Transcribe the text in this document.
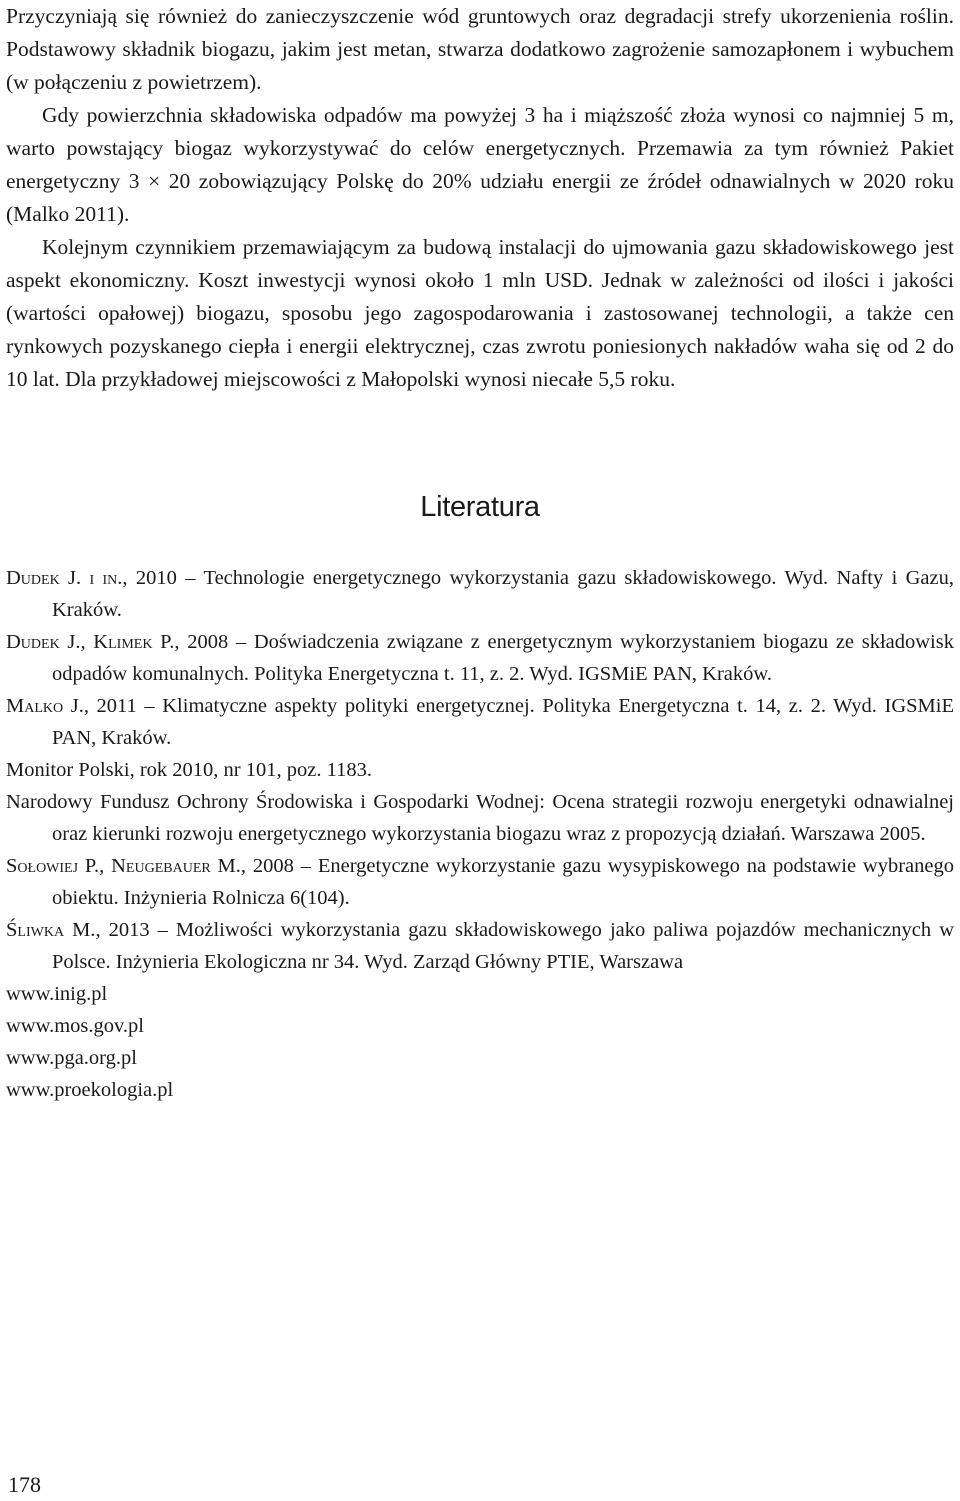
Przyczyniają się również do zanieczyszczenie wód gruntowych oraz degradacji strefy ukorzenienia roślin. Podstawowy składnik biogazu, jakim jest metan, stwarza dodatkowo zagrożenie samozapłonem i wybuchem (w połączeniu z powietrzem).

Gdy powierzchnia składowiska odpadów ma powyżej 3 ha i miąższość złoża wynosi co najmniej 5 m, warto powstający biogaz wykorzystywać do celów energetycznych. Przemawia za tym również Pakiet energetyczny 3 × 20 zobowiązujący Polskę do 20% udziału energii ze źródeł odnawialnych w 2020 roku (Malko 2011).

Kolejnym czynnikiem przemawiającym za budową instalacji do ujmowania gazu składowiskowego jest aspekt ekonomiczny. Koszt inwestycji wynosi około 1 mln USD. Jednak w zależności od ilości i jakości (wartości opałowej) biogazu, sposobu jego zagospodarowania i zastosowanej technologii, a także cen rynkowych pozyskanego ciepła i energii elektrycznej, czas zwrotu poniesionych nakładów waha się od 2 do 10 lat. Dla przykładowej miejscowości z Małopolski wynosi niecałe 5,5 roku.

Literatura

Dudek J. i in., 2010 – Technologie energetycznego wykorzystania gazu składowiskowego. Wyd. Nafty i Gazu, Kraków.

Dudek J., Klimek P., 2008 – Doświadczenia związane z energetycznym wykorzystaniem biogazu ze składowisk odpadów komunalnych. Polityka Energetyczna t. 11, z. 2. Wyd. IGSMiE PAN, Kraków.

Malko J., 2011 – Klimatyczne aspekty polityki energetycznej. Polityka Energetyczna t. 14, z. 2. Wyd. IGSMiE PAN, Kraków.

Monitor Polski, rok 2010, nr 101, poz. 1183.

Narodowy Fundusz Ochrony Środowiska i Gospodarki Wodnej: Ocena strategii rozwoju energetyki odnawialnej oraz kierunki rozwoju energetycznego wykorzystania biogazu wraz z propozycją działań. Warszawa 2005.

Sołowiej P., Neugebauer M., 2008 – Energetyczne wykorzystanie gazu wysypiskowego na podstawie wybranego obiektu. Inżynieria Rolnicza 6(104).

Śliwka M., 2013 – Możliwości wykorzystania gazu składowiskowego jako paliwa pojazdów mechanicznych w Polsce. Inżynieria Ekologiczna nr 34. Wyd. Zarząd Główny PTIE, Warszawa

www.inig.pl

www.mos.gov.pl

www.pga.org.pl

www.proekologia.pl

178
